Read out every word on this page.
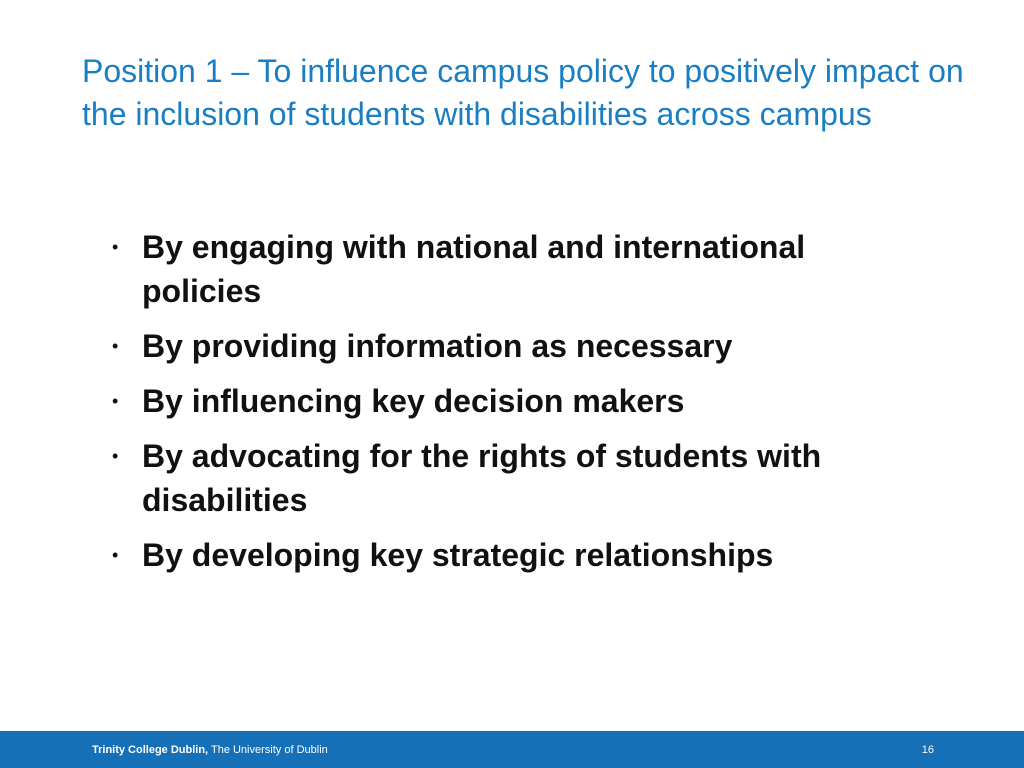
Position 1 – To influence campus policy to positively impact on the inclusion of students with disabilities across campus
• By engaging with national and international policies
• By providing information as necessary
• By influencing key decision makers
• By advocating for the rights of students with disabilities
• By developing key strategic relationships
Trinity College Dublin, The University of Dublin	16
